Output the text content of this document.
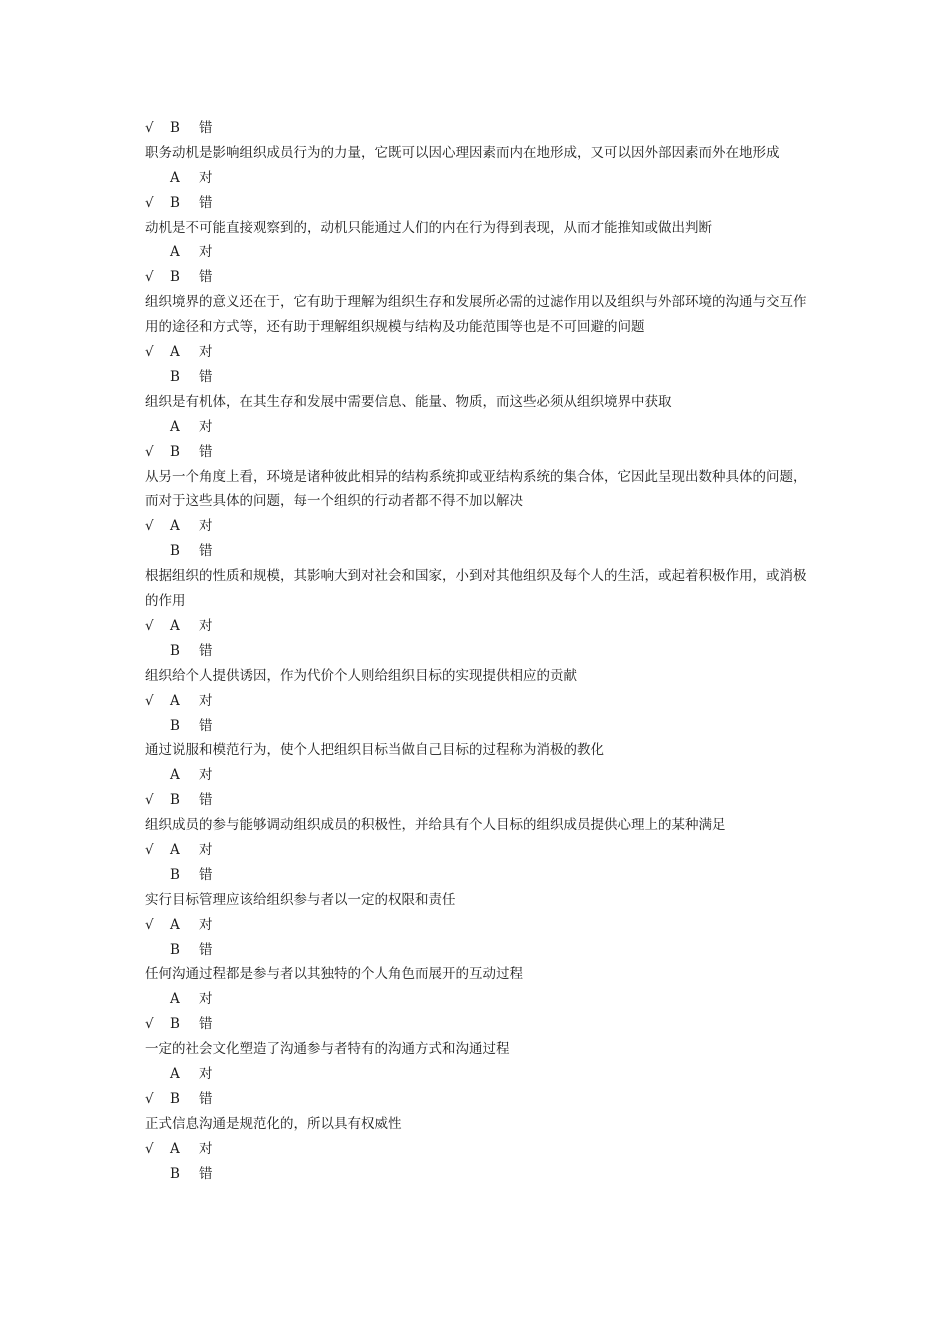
√	B	错
职务动机是影响组织成员行为的力量，它既可以因心理因素而内在地形成，又可以因外部因素而外在地形成
A	对
√	B	错
动机是不可能直接观察到的，动机只能通过人们的内在行为得到表现，从而才能推知或做出判断
A	对
√	B	错
组织境界的意义还在于，它有助于理解为组织生存和发展所必需的过滤作用以及组织与外部环境的沟通与交互作用的途径和方式等，还有助于理解组织规模与结构及功能范围等也是不可回避的问题
√	A	对
B	错
组织是有机体，在其生存和发展中需要信息、能量、物质，而这些必须从组织境界中获取
A	对
√	B	错
从另一个角度上看，环境是诸种彼此相异的结构系统抑或亚结构系统的集合体，它因此呈现出数种具体的问题，而对于这些具体的问题，每一个组织的行动者都不得不加以解决
√	A	对
B	错
根据组织的性质和规模，其影响大到对社会和国家，小到对其他组织及每个人的生活，或起着积极作用，或消极的作用
√	A	对
B	错
组织给个人提供诱因，作为代价个人则给组织目标的实现提供相应的贡献
√	A	对
B	错
通过说服和模范行为，使个人把组织目标当做自己目标的过程称为消极的教化
A	对
√	B	错
组织成员的参与能够调动组织成员的积极性，并给具有个人目标的组织成员提供心理上的某种满足
√	A	对
B	错
实行目标管理应该给组织参与者以一定的权限和责任
√	A	对
B	错
任何沟通过程都是参与者以其独特的个人角色而展开的互动过程
A	对
√	B	错
一定的社会文化塑造了沟通参与者特有的沟通方式和沟通过程
A	对
√	B	错
正式信息沟通是规范化的，所以具有权威性
√	A	对
B	错
